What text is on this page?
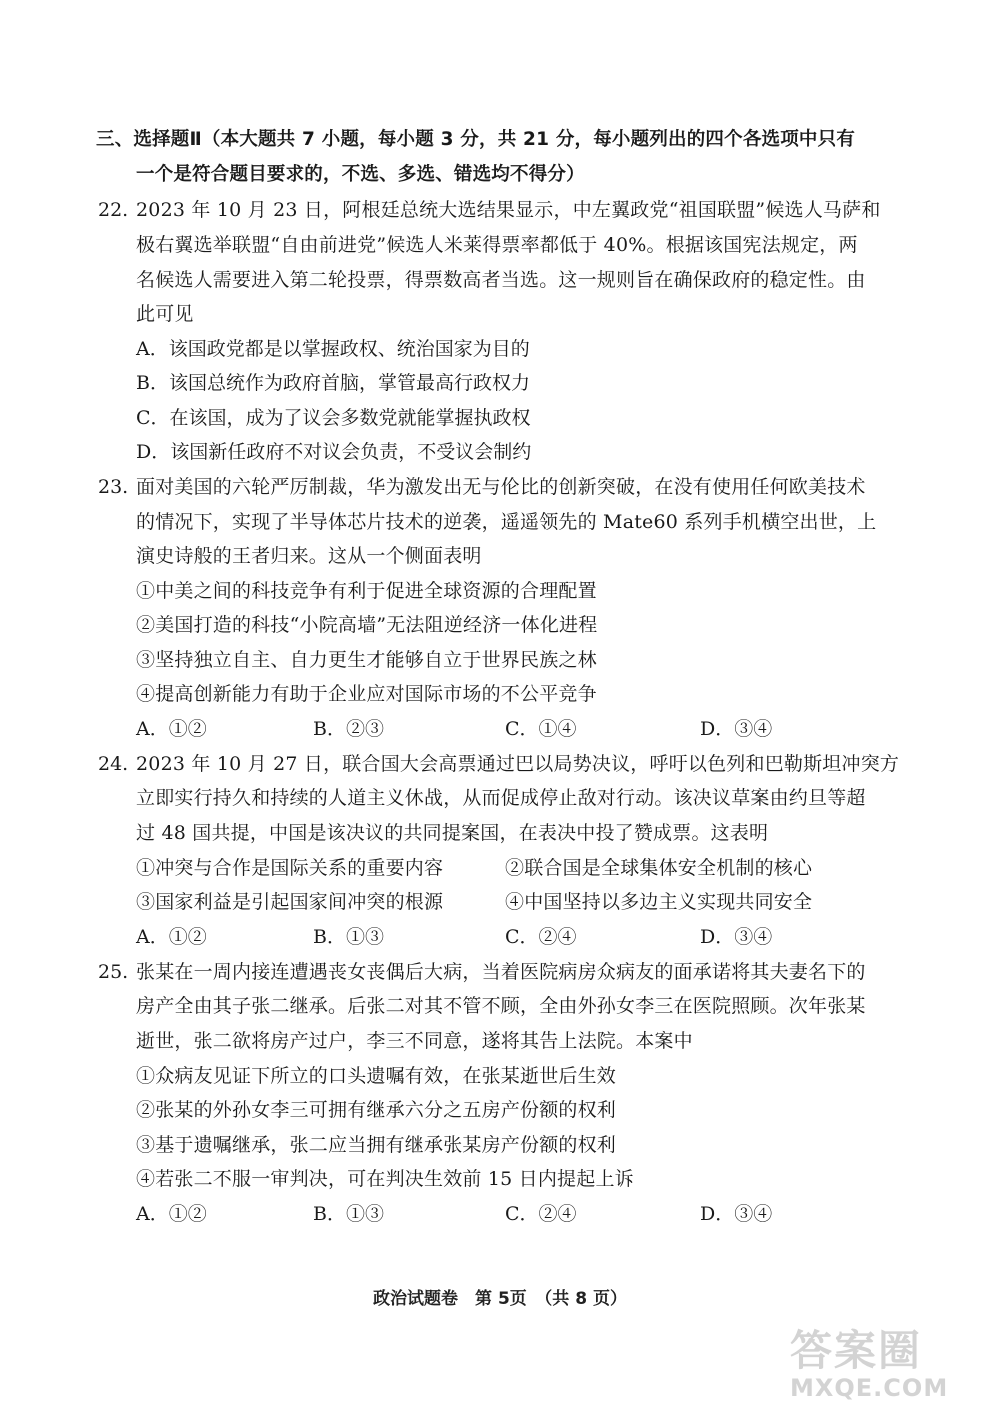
三、选择题Ⅱ（本大题共 7 小题，每小题 3 分，共 21 分，每小题列出的四个各选项中只有
一个是符合题目要求的，不选、多选、错选均不得分）
22. 2023 年 10 月 23 日，阿根廷总统大选结果显示，中左翼政党“祖国联盟”候选人马萨和
极右翼选举联盟“自由前进党”候选人米莱得票率都低于 40%。根据该国宪法规定，两
名候选人需要进入第二轮投票，得票数高者当选。这一规则旨在确保政府的稳定性。由
此可见
A．该国政党都是以掌握政权、统治国家为目的
B．该国总统作为政府首脑，掌管最高行政权力
C．在该国，成为了议会多数党就能掌握执政权
D．该国新任政府不对议会负责，不受议会制约
23. 面对美国的六轮严厉制裁，华为激发出无与伦比的创新突破，在没有使用任何欧美技术
的情况下，实现了半导体芯片技术的逆袭，遥遥领先的 Mate60 系列手机横空出世，上
演史诗般的王者归来。这从一个侧面表明
①中美之间的科技竞争有利于促进全球资源的合理配置
②美国打造的科技“小院高墙”无法阻逆经济一体化进程
③坚持独立自主、自力更生才能够自立于世界民族之林
④提高创新能力有助于企业应对国际市场的不公平竞争
A．①②	B．②③	C．①④	D．③④
24. 2023 年 10 月 27 日，联合国大会高票通过巴以局势决议，呼吁以色列和巴勒斯坦冲突方
立即实行持久和持续的人道主义休战，从而促成停止敌对行动。该决议草案由约旦等超
过 48 国共提，中国是该决议的共同提案国，在表决中投了赞成票。这表明
①冲突与合作是国际关系的重要内容	②联合国是全球集体安全机制的核心
③国家利益是引起国家间冲突的根源	④中国坚持以多边主义实现共同安全
A．①②	B．①③	C．②④	D．③④
25. 张某在一周内接连遭遇丧女丧偶后大病，当着医院病房众病友的面承诺将其夫妻名下的
房产全由其子张二继承。后张二对其不管不顾，全由外孙女李三在医院照顾。次年张某
逝世，张二欲将房产过户，李三不同意，遂将其告上法院。本案中
①众病友见证下所立的口头遗嘱有效，在张某逝世后生效
②张某的外孙女李三可拥有继承六分之五房产份额的权利
③基于遗嘱继承，张二应当拥有继承张某房产份额的权利
④若张二不服一审判决，可在判决生效前 15 日内提起上诉
A．①②	B．①③	C．②④	D．③④
政治试题卷　第 5页　（共 8 页）
答案圈
MXQE.COM
